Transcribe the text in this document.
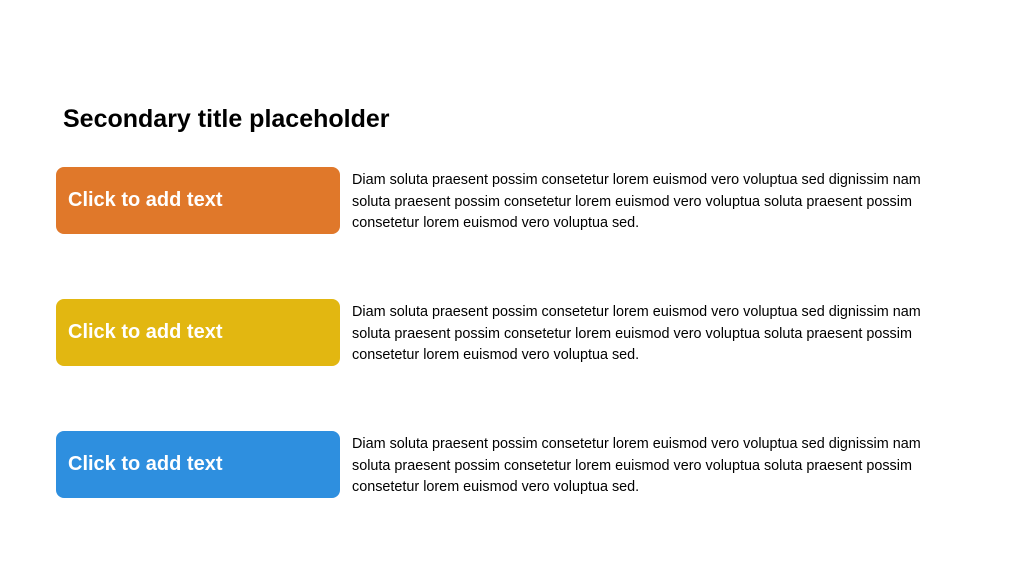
Secondary title placeholder
Click to add text
Diam soluta praesent possim consetetur lorem euismod vero voluptua sed dignissim nam soluta praesent possim consetetur lorem euismod vero voluptua soluta praesent possim consetetur lorem euismod vero voluptua sed.
Click to add text
Diam soluta praesent possim consetetur lorem euismod vero voluptua sed dignissim nam soluta praesent possim consetetur lorem euismod vero voluptua soluta praesent possim consetetur lorem euismod vero voluptua sed.
Click to add text
Diam soluta praesent possim consetetur lorem euismod vero voluptua sed dignissim nam soluta praesent possim consetetur lorem euismod vero voluptua soluta praesent possim consetetur lorem euismod vero voluptua sed.
